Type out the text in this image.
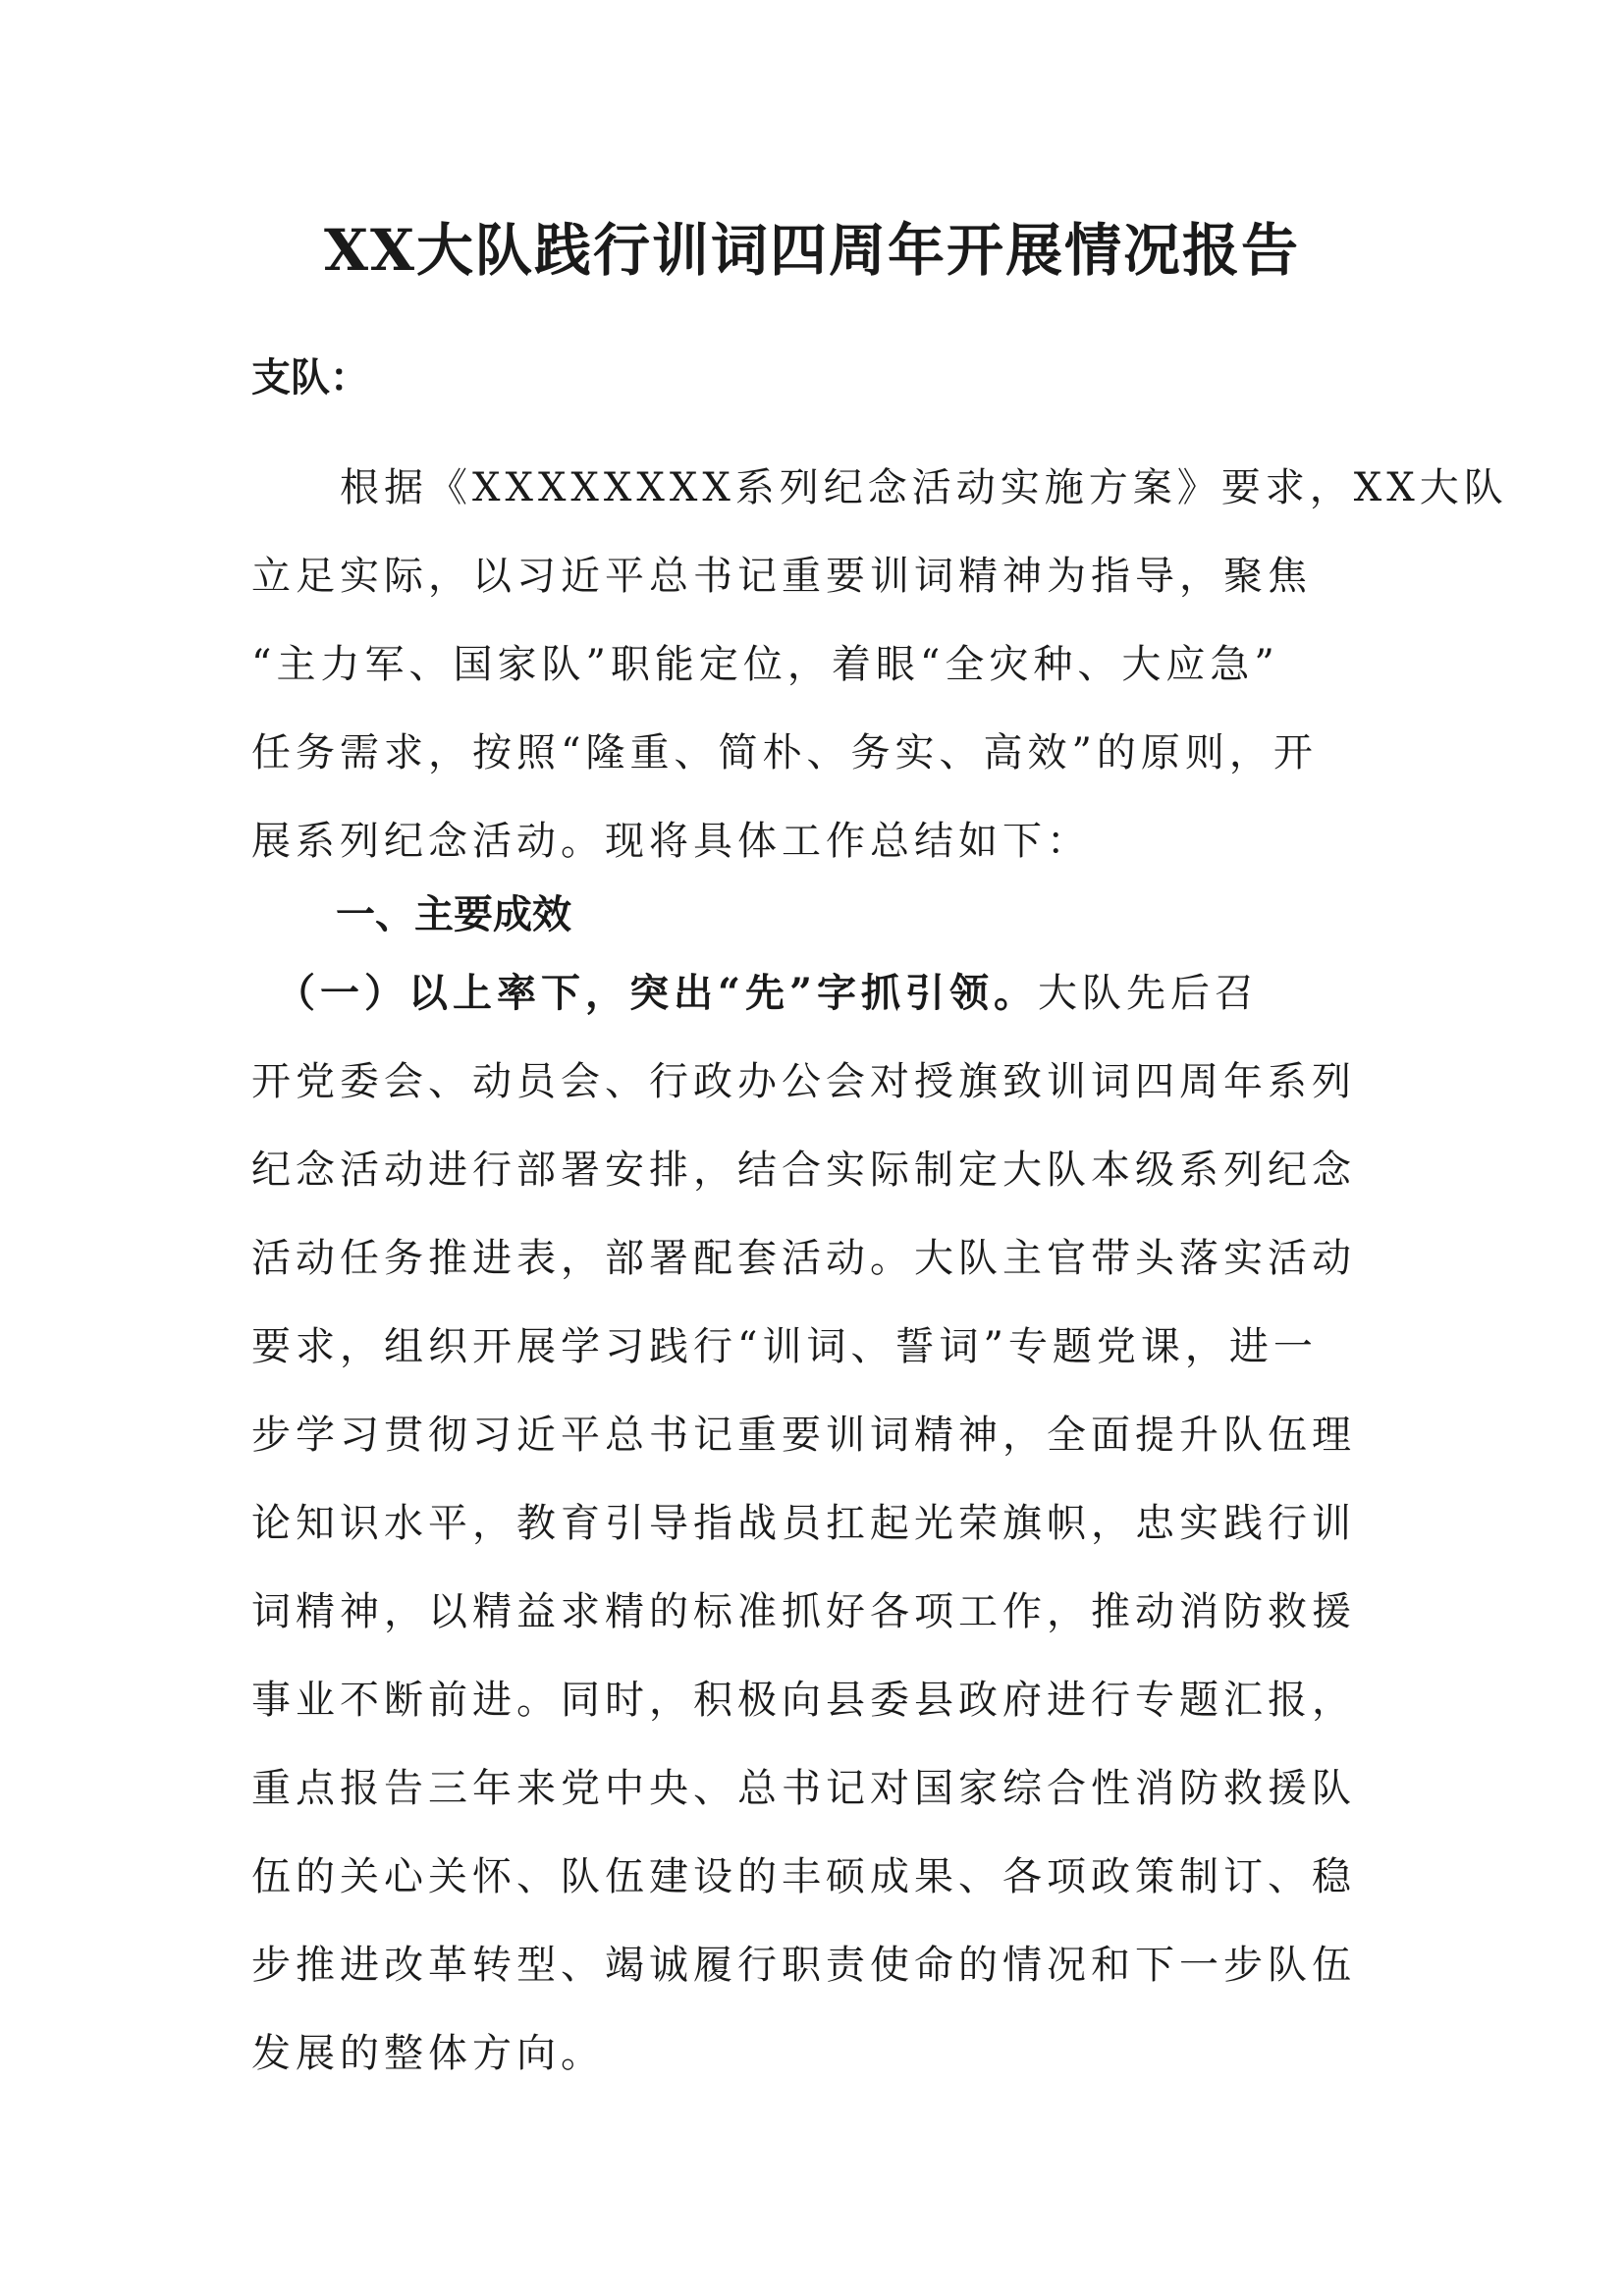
XX大队践行训词四周年开展情况报告

支队：

　　根据《XXXXXXXX系列纪念活动实施方案》要求，XX大队
立足实际，以习近平总书记重要训词精神为指导，聚焦
“主力军、国家队”职能定位，着眼“全灾种、大应急”
任务需求，按照“隆重、简朴、务实、高效”的原则，开
展系列纪念活动。现将具体工作总结如下：
一、主要成效
　（一）以上率下，突出“先”字抓引领。大队先后召
开党委会、动员会、行政办公会对授旗致训词四周年系列
纪念活动进行部署安排，结合实际制定大队本级系列纪念
活动任务推进表，部署配套活动。大队主官带头落实活动
要求，组织开展学习践行“训词、誓词”专题党课，进一
步学习贯彻习近平总书记重要训词精神，全面提升队伍理
论知识水平，教育引导指战员扛起光荣旗帜，忠实践行训
词精神，以精益求精的标准抓好各项工作，推动消防救援
事业不断前进。同时，积极向县委县政府进行专题汇报，
重点报告三年来党中央、总书记对国家综合性消防救援队
伍的关心关怀、队伍建设的丰硕成果、各项政策制订、稳
步推进改革转型、竭诚履行职责使命的情况和下一步队伍
发展的整体方向。
